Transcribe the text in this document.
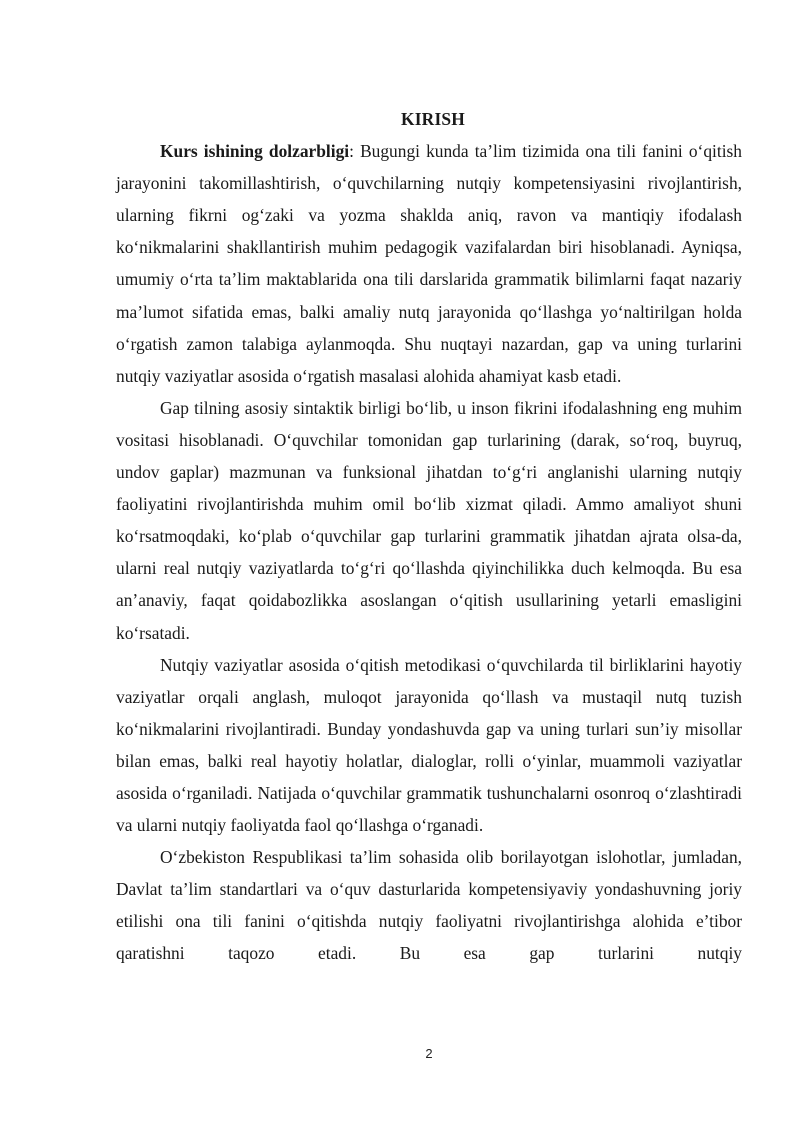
KIRISH

Kurs ishining dolzarbligi: Bugungi kunda ta’lim tizimida ona tili fanini o‘qitish jarayonini takomillashtirish, o‘quvchilarning nutqiy kompetensiyasini rivojlantirish, ularning fikrni og‘zaki va yozma shaklda aniq, ravon va mantiqiy ifodalash ko‘nikmalarini shakllantirish muhim pedagogik vazifalardan biri hisoblanadi. Ayniqsa, umumiy o‘rta ta’lim maktablarida ona tili darslarida grammatik bilimlarni faqat nazariy ma’lumot sifatida emas, balki amaliy nutq jarayonida qo‘llashga yo‘naltirilgan holda o‘rgatish zamon talabiga aylanmoqda. Shu nuqtayi nazardan, gap va uning turlarini nutqiy vaziyatlar asosida o‘rgatish masalasi alohida ahamiyat kasb etadi.

Gap tilning asosiy sintaktik birligi bo‘lib, u inson fikrini ifodalashning eng muhim vositasi hisoblanadi. O‘quvchilar tomonidan gap turlarining (darak, so‘roq, buyruq, undov gaplar) mazmunan va funksional jihatdan to‘g‘ri anglanishi ularning nutqiy faoliyatini rivojlantirishda muhim omil bo‘lib xizmat qiladi. Ammo amaliyot shuni ko‘rsatmoqdaki, ko‘plab o‘quvchilar gap turlarini grammatik jihatdan ajrata olsa-da, ularni real nutqiy vaziyatlarda to‘g‘ri qo‘llashda qiyinchilikka duch kelmoqda. Bu esa an’anaviy, faqat qoidabozlikka asoslangan o‘qitish usullarining yetarli emasligini ko‘rsatadi.

Nutqiy vaziyatlar asosida o‘qitish metodikasi o‘quvchilarda til birliklarini hayotiy vaziyatlar orqali anglash, muloqot jarayonida qo‘llash va mustaqil nutq tuzish ko‘nikmalarini rivojlantiradi. Bunday yondashuvda gap va uning turlari sun’iy misollar bilan emas, balki real hayotiy holatlar, dialoglar, rolli o‘yinlar, muammoli vaziyatlar asosida o‘rganiladi. Natijada o‘quvchilar grammatik tushunchalarni osonroq o‘zlashtiradi va ularni nutqiy faoliyatda faol qo‘llashga o‘rganadi.

O‘zbekiston Respublikasi ta’lim sohasida olib borilayotgan islohotlar, jumladan, Davlat ta’lim standartlari va o‘quv dasturlarida kompetensiyaviy yondashuvning joriy etilishi ona tili fanini o‘qitishda nutqiy faoliyatni rivojlantirishga alohida e’tibor qaratishni taqozo etadi. Bu esa gap turlarini nutqiy

2
